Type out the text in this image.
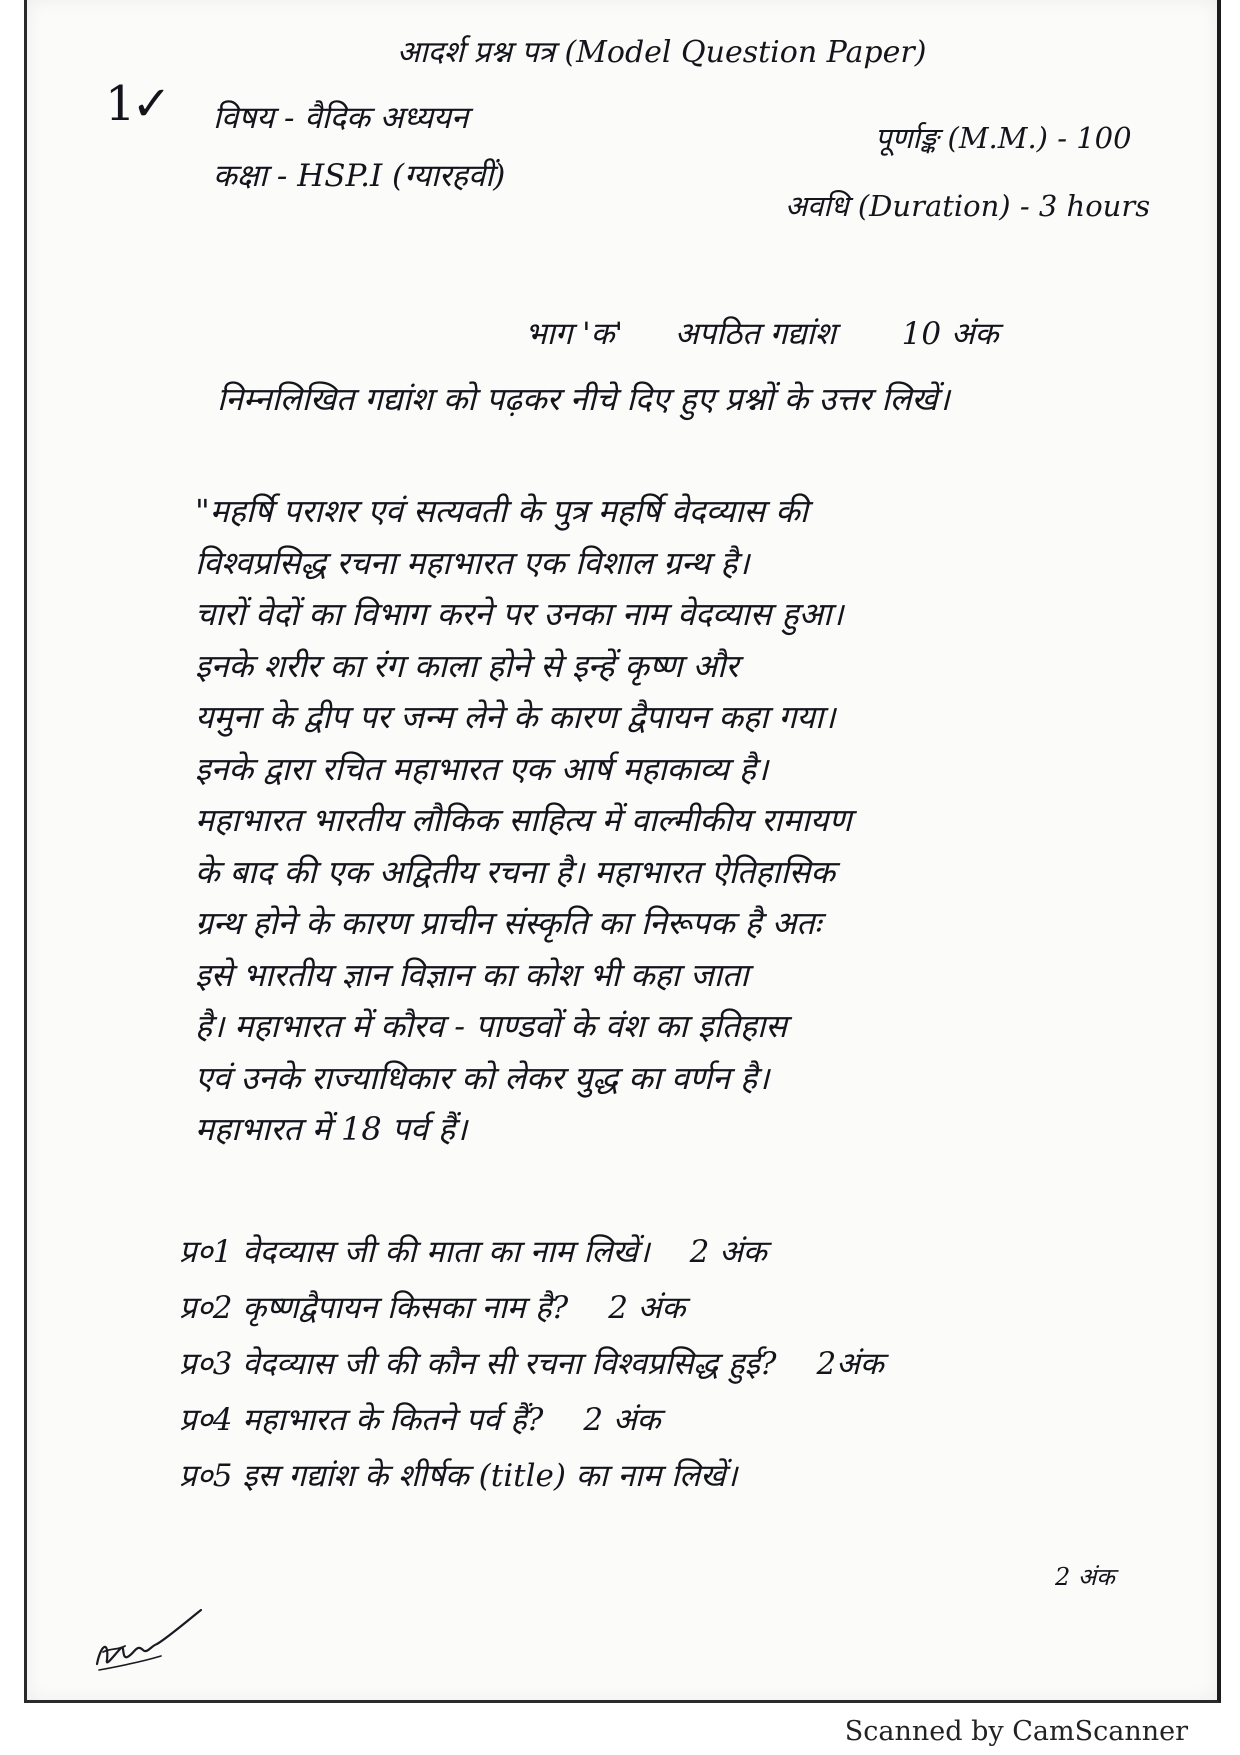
आदर्श प्रश्न पत्र (Model Question Paper)
1✓ विषय - वैदिक अध्ययन
पूर्णाङ्क (M.M.) - 100
कक्षा - HSP.I (ग्यारहवीं)
अवधि (Duration) - 3 hours
भाग 'क' अपठित गद्यांश 10 अंक
निम्नलिखित गद्यांश को पढ़कर नीचे दिए हुए प्रश्नों के उत्तर लिखें।
"महर्षि पराशर एवं सत्यवती के पुत्र महर्षि वेदव्यास की
विश्वप्रसिद्ध रचना महाभारत एक विशाल ग्रन्थ है।
चारों वेदों का विभाग करने पर उनका नाम वेदव्यास हुआ।
इनके शरीर का रंग काला होने से इन्हें कृष्ण और
यमुना के द्वीप पर जन्म लेने के कारण द्वैपायन कहा गया।
इनके द्वारा रचित महाभारत एक आर्ष महाकाव्य है।
महाभारत भारतीय लौकिक साहित्य में वाल्मीकीय रामायण
के बाद की एक अद्वितीय रचना है। महाभारत ऐतिहासिक
ग्रन्थ होने के कारण प्राचीन संस्कृति का निरूपक है अतः
इसे भारतीय ज्ञान विज्ञान का कोश भी कहा जाता
है। महाभारत में कौरव - पाण्डवों के वंश का इतिहास
एवं उनके राज्याधिकार को लेकर युद्ध का वर्णन है।
महाभारत में 18 पर्व हैं।
प्र०1 वेदव्यास जी की माता का नाम लिखें। 2 अंक
प्र०2 कृष्णद्वैपायन किसका नाम है? 2 अंक
प्र०3 वेदव्यास जी की कौन सी रचना विश्वप्रसिद्ध हुई? 2अंक
प्र०4 महाभारत के कितने पर्व हैं? 2 अंक
प्र०5 इस गद्यांश के शीर्षक (title) का नाम लिखें।
2 अंक
Scanned by CamScanner
